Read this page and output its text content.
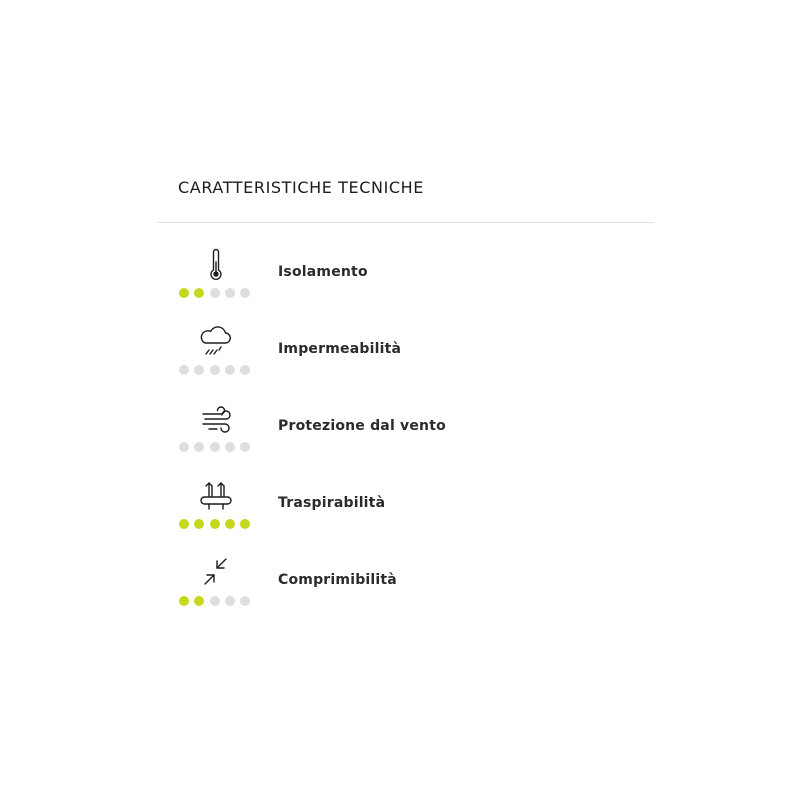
CARATTERISTICHE TECNICHE
Isolamento
Impermeabilità
Protezione dal vento
Traspirabilità
Comprimibilità
